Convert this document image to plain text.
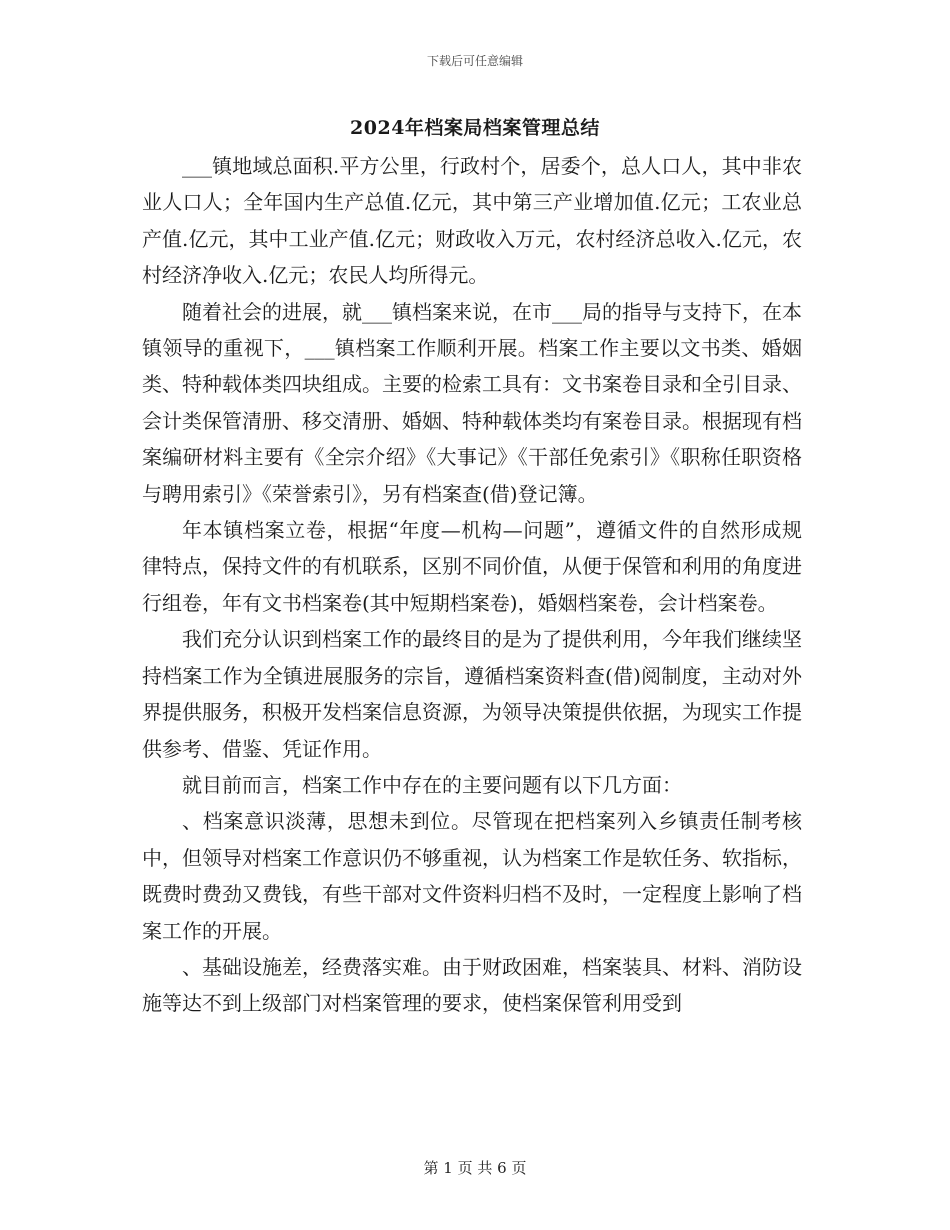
下载后可任意编辑
2024年档案局档案管理总结

___镇地域总面积.平方公里，行政村个，居委个，总人口人，其中非农业人口人；全年国内生产总值.亿元，其中第三产业增加值.亿元；工农业总产值.亿元，其中工业产值.亿元；财政收入万元，农村经济总收入.亿元，农村经济净收入.亿元；农民人均所得元。

随着社会的进展，就___镇档案来说，在市___局的指导与支持下，在本镇领导的重视下，___镇档案工作顺利开展。档案工作主要以文书类、婚姻类、特种载体类四块组成。主要的检索工具有：文书案卷目录和全引目录、会计类保管清册、移交清册、婚姻、特种载体类均有案卷目录。根据现有档案编研材料主要有《全宗介绍》《大事记》《干部任免索引》《职称任职资格与聘用索引》《荣誉索引》，另有档案查(借)登记簿。

年本镇档案立卷，根据“年度—机构—问题”，遵循文件的自然形成规律特点，保持文件的有机联系，区别不同价值，从便于保管和利用的角度进行组卷，年有文书档案卷(其中短期档案卷)，婚姻档案卷，会计档案卷。

我们充分认识到档案工作的最终目的是为了提供利用，今年我们继续坚持档案工作为全镇进展服务的宗旨，遵循档案资料查(借)阅制度，主动对外界提供服务，积极开发档案信息资源，为领导决策提供依据，为现实工作提供参考、借鉴、凭证作用。

就目前而言，档案工作中存在的主要问题有以下几方面：

、档案意识淡薄，思想未到位。尽管现在把档案列入乡镇责任制考核中，但领导对档案工作意识仍不够重视，认为档案工作是软任务、软指标，既费时费劲又费钱，有些干部对文件资料归档不及时，一定程度上影响了档案工作的开展。

、基础设施差，经费落实难。由于财政困难，档案装具、材料、消防设施等达不到上级部门对档案管理的要求，使档案保管利用受到

第 1 页 共 6 页
